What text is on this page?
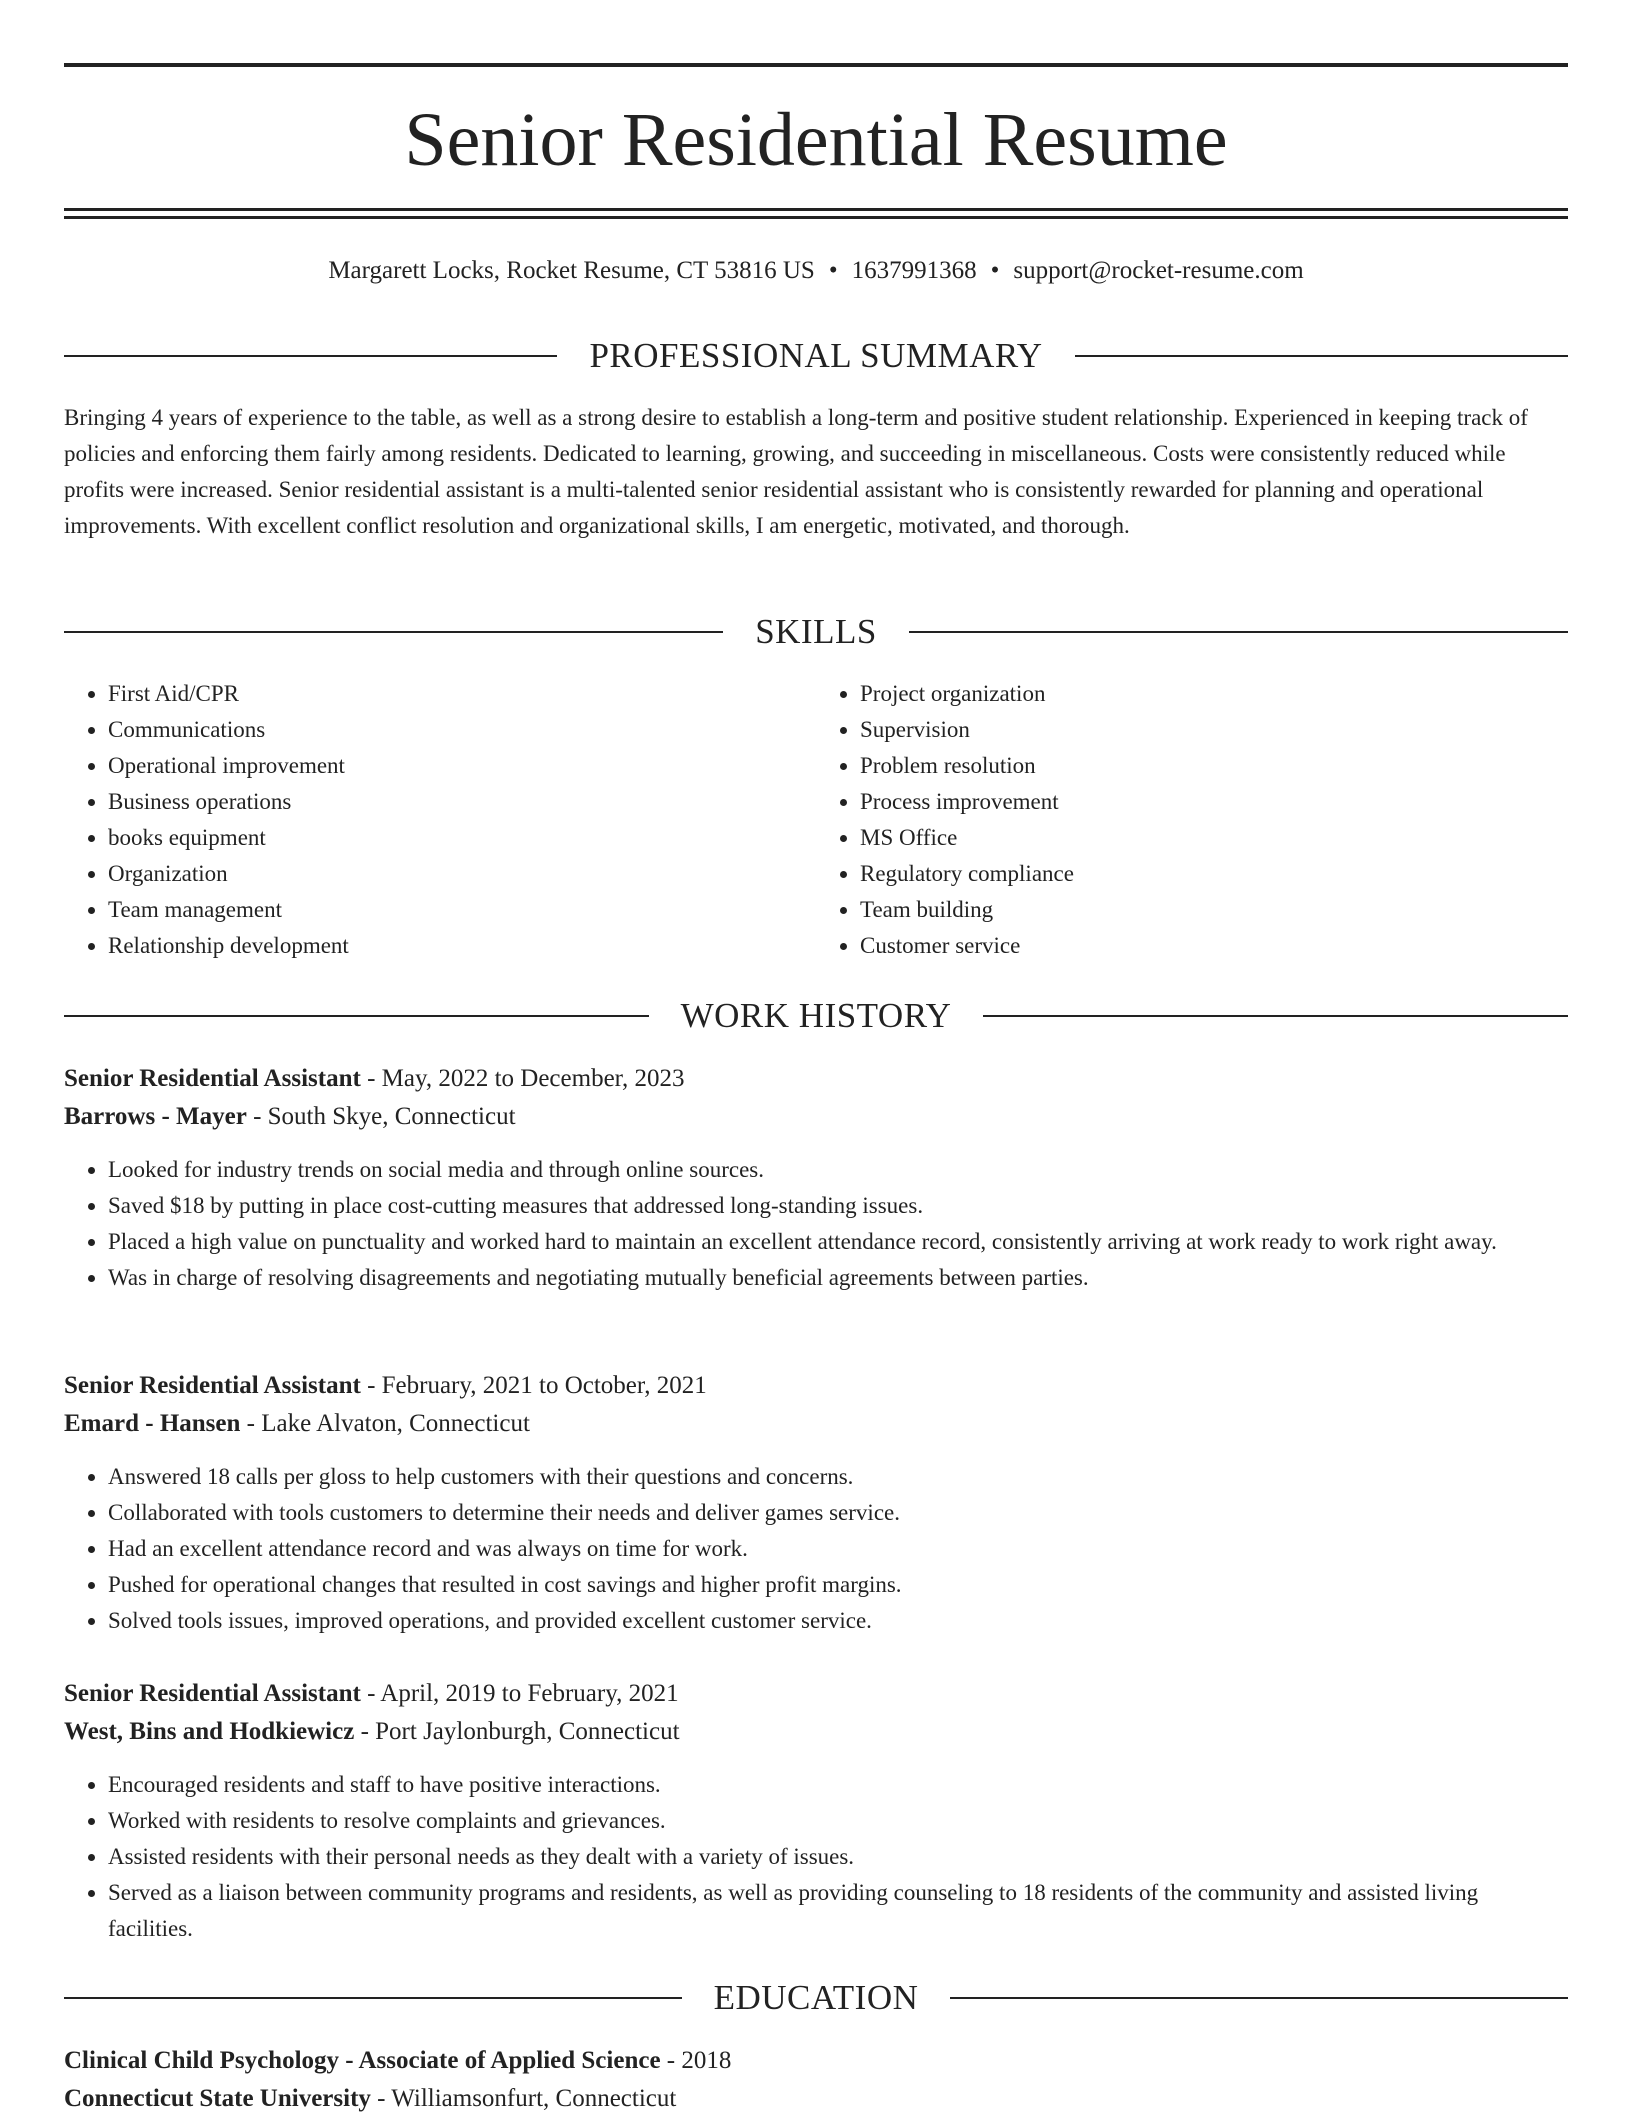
Senior Residential Resume
Margarett Locks, Rocket Resume, CT 53816 US • 1637991368 • support@rocket-resume.com
PROFESSIONAL SUMMARY

Bringing 4 years of experience to the table, as well as a strong desire to establish a long-term and positive student relationship. Experienced in keeping track of policies and enforcing them fairly among residents. Dedicated to learning, growing, and succeeding in miscellaneous. Costs were consistently reduced while profits were increased. Senior residential assistant is a multi-talented senior residential assistant who is consistently rewarded for planning and operational improvements. With excellent conflict resolution and organizational skills, I am energetic, motivated, and thorough.

SKILLS
• First Aid/CPR
• Communications
• Operational improvement
• Business operations
• books equipment
• Organization
• Team management
• Relationship development
• Project organization
• Supervision
• Problem resolution
• Process improvement
• MS Office
• Regulatory compliance
• Team building
• Customer service
WORK HISTORY
Senior Residential Assistant - May, 2022 to December, 2023
Barrows - Mayer - South Skye, Connecticut
• Looked for industry trends on social media and through online sources.
• Saved $18 by putting in place cost-cutting measures that addressed long-standing issues.
• Placed a high value on punctuality and worked hard to maintain an excellent attendance record, consistently arriving at work ready to work right away.
• Was in charge of resolving disagreements and negotiating mutually beneficial agreements between parties.
Senior Residential Assistant - February, 2021 to October, 2021
Emard - Hansen - Lake Alvaton, Connecticut
• Answered 18 calls per gloss to help customers with their questions and concerns.
• Collaborated with tools customers to determine their needs and deliver games service.
• Had an excellent attendance record and was always on time for work.
• Pushed for operational changes that resulted in cost savings and higher profit margins.
• Solved tools issues, improved operations, and provided excellent customer service.
Senior Residential Assistant - April, 2019 to February, 2021
West, Bins and Hodkiewicz - Port Jaylonburgh, Connecticut
• Encouraged residents and staff to have positive interactions.
• Worked with residents to resolve complaints and grievances.
• Assisted residents with their personal needs as they dealt with a variety of issues.
• Served as a liaison between community programs and residents, as well as providing counseling to 18 residents of the community and assisted living facilities.
EDUCATION
Clinical Child Psychology - Associate of Applied Science - 2018
Connecticut State University - Williamsonfurt, Connecticut
